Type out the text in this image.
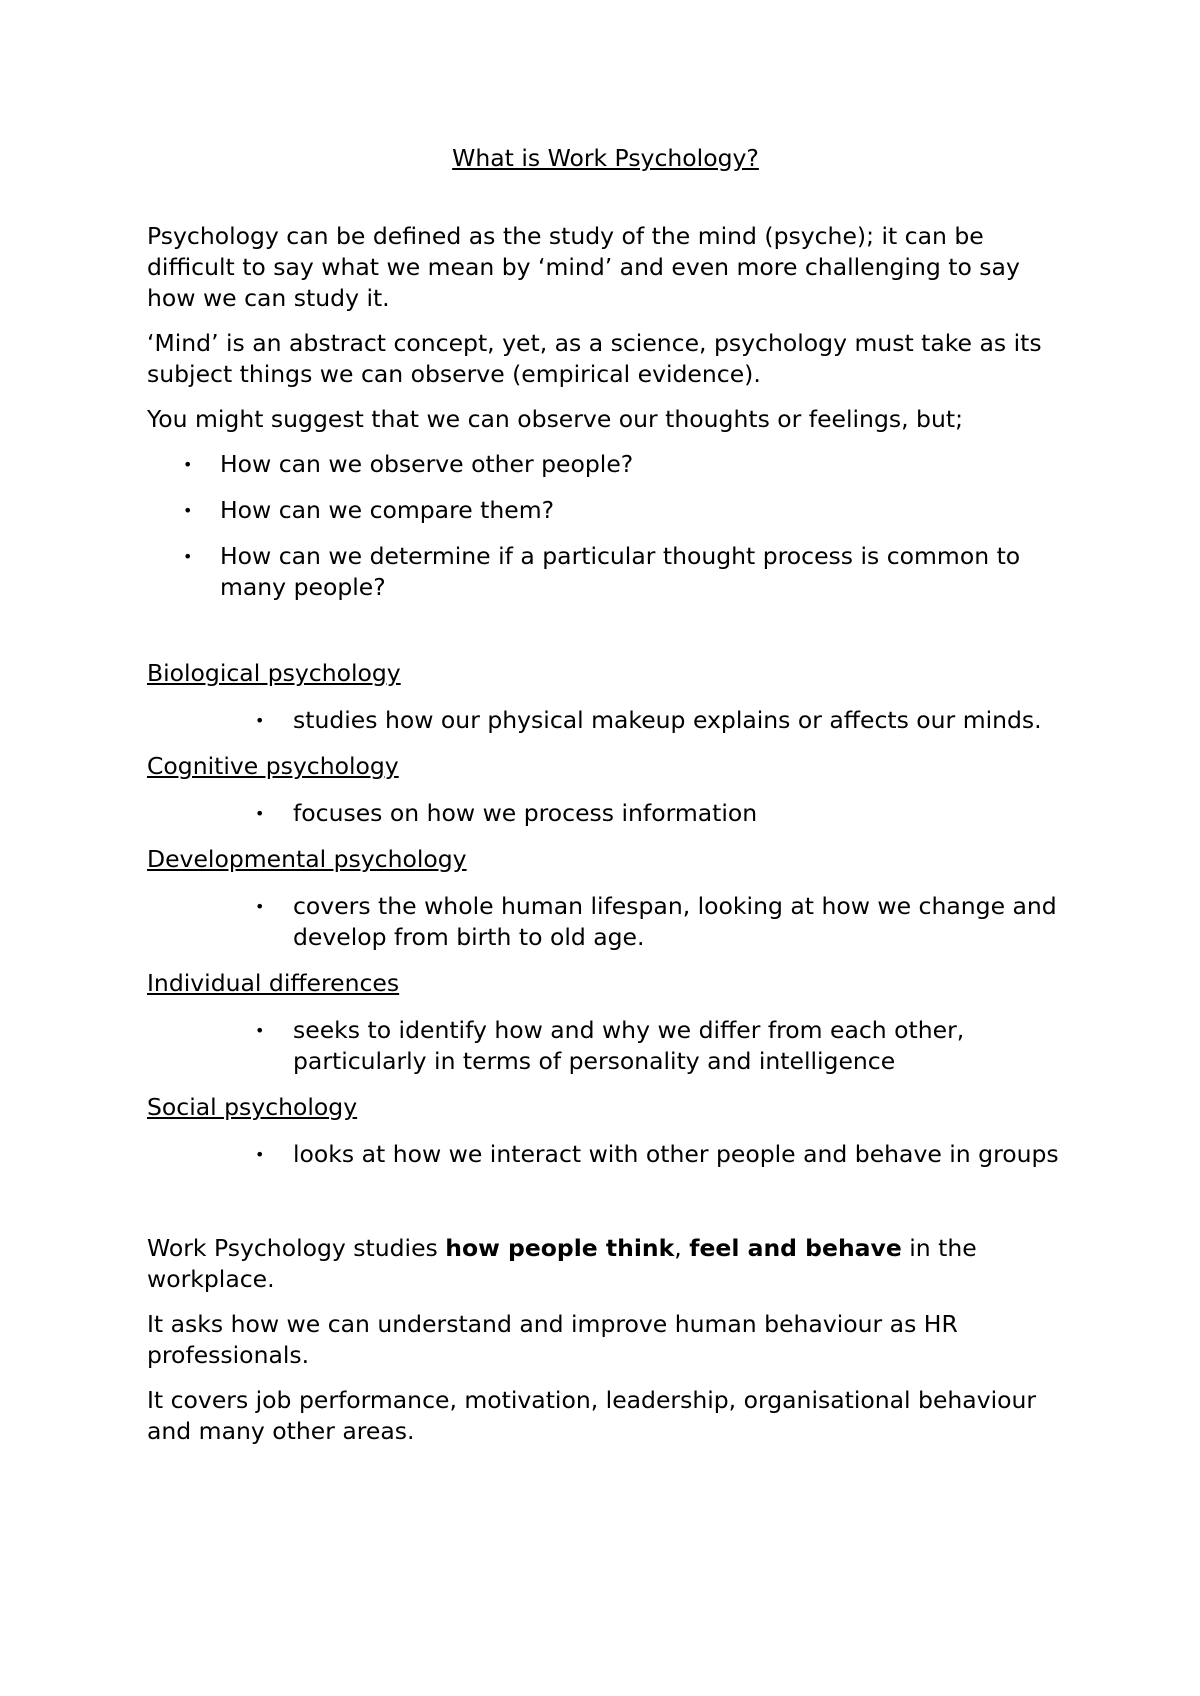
What is Work Psychology?

Psychology can be defined as the study of the mind (psyche); it can be difficult to say what we mean by ‘mind’ and even more challenging to say how we can study it.

‘Mind’ is an abstract concept, yet, as a science, psychology must take as its subject things we can observe (empirical evidence).

You might suggest that we can observe our thoughts or feelings, but;

• How can we observe other people?
• How can we compare them?
• How can we determine if a particular thought process is common to many people?
Biological psychology
• studies how our physical makeup explains or affects our minds.
Cognitive psychology
• focuses on how we process information
Developmental psychology
• covers the whole human lifespan, looking at how we change and develop from birth to old age.
Individual differences
• seeks to identify how and why we differ from each other, particularly in terms of personality and intelligence
Social psychology
• looks at how we interact with other people and behave in groups

Work Psychology studies how people think, feel and behave in the workplace.

It asks how we can understand and improve human behaviour as HR professionals.

It covers job performance, motivation, leadership, organisational behaviour and many other areas.
